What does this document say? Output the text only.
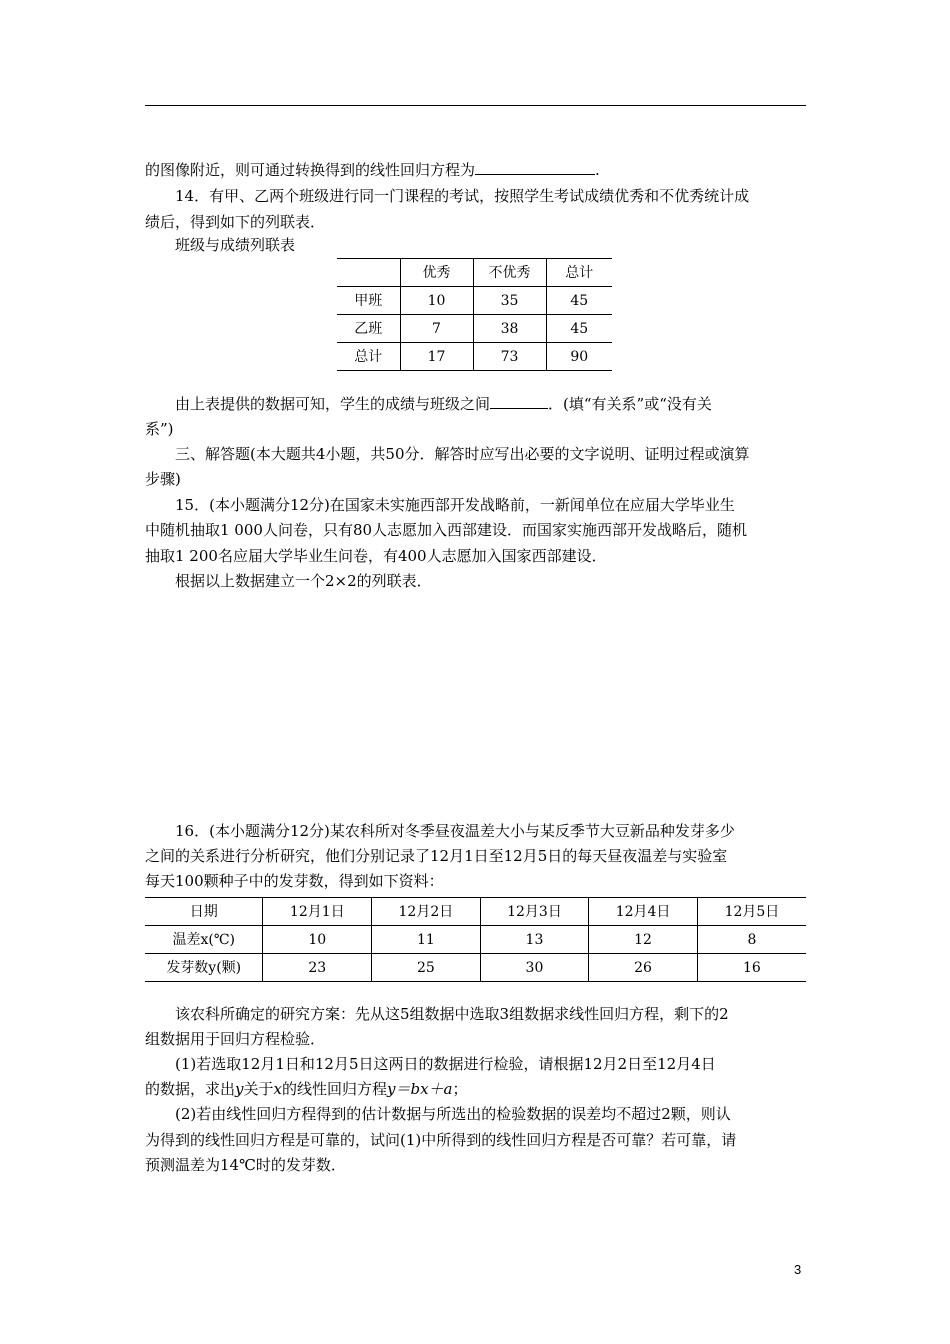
的图像附近，则可通过转换得到的线性回归方程为	.
14．有甲、乙两个班级进行同一门课程的考试，按照学生考试成绩优秀和不优秀统计成
绩后，得到如下的列联表．
班级与成绩列联表
	优秀	不优秀	总计
甲班	10	35	45
乙班	7	38	45
总计	17	73	90
由上表提供的数据可知，学生的成绩与班级之间	．(填“有关系”或“没有关
系”)
三、解答题(本大题共4小题，共50分．解答时应写出必要的文字说明、证明过程或演算
步骤)
15．(本小题满分12分)在国家未实施西部开发战略前，一新闻单位在应届大学毕业生
中随机抽取1 000人问卷，只有80人志愿加入西部建设．而国家实施西部开发战略后，随机
抽取1 200名应届大学毕业生问卷，有400人志愿加入国家西部建设．
根据以上数据建立一个2×2的列联表．
16．(本小题满分12分)某农科所对冬季昼夜温差大小与某反季节大豆新品种发芽多少
之间的关系进行分析研究，他们分别记录了12月1日至12月5日的每天昼夜温差与实验室
每天100颗种子中的发芽数，得到如下资料：
日期	12月1日	12月2日	12月3日	12月4日	12月5日
温差x(℃)	10	11	13	12	8
发芽数y(颗)	23	25	30	26	16
该农科所确定的研究方案：先从这5组数据中选取3组数据求线性回归方程，剩下的2
组数据用于回归方程检验．
(1)若选取12月1日和12月5日这两日的数据进行检验，请根据12月2日至12月4日
的数据，求出y关于x的线性回归方程y＝bx＋a；
(2)若由线性回归方程得到的估计数据与所选出的检验数据的误差均不超过2颗，则认
为得到的线性回归方程是可靠的，试问(1)中所得到的线性回归方程是否可靠？若可靠，请
预测温差为14℃时的发芽数．
3
